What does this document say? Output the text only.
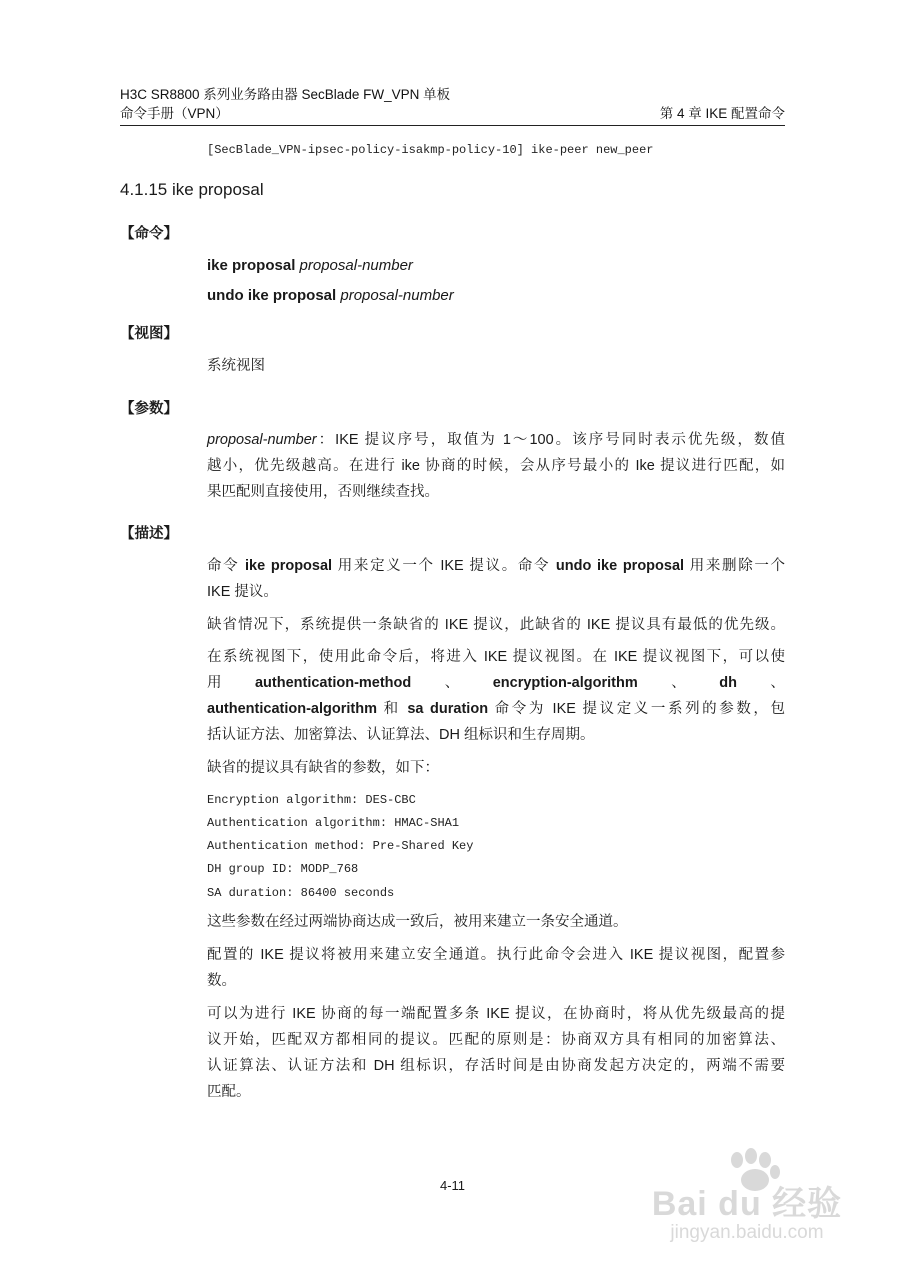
H3C SR8800 系列业务路由器 SecBlade FW_VPN 单板
命令手册（VPN）	第 4 章 IKE 配置命令
[SecBlade_VPN-ipsec-policy-isakmp-policy-10] ike-peer new_peer
4.1.15 ike proposal
【命令】
ike proposal proposal-number
undo ike proposal proposal-number
【视图】
系统视图
【参数】
proposal-number：IKE 提议序号，取值为 1～100。该序号同时表示优先级，数值
越小，优先级越高。在进行 ike 协商的时候，会从序号最小的 Ike 提议进行匹配，如
果匹配则直接使用，否则继续查找。
【描述】
命令 ike proposal 用来定义一个 IKE 提议。命令 undo ike proposal 用来删除一个
IKE 提议。
缺省情况下，系统提供一条缺省的 IKE 提议，此缺省的 IKE 提议具有最低的优先级。
在系统视图下，使用此命令后，将进入 IKE 提议视图。在 IKE 提议视图下，可以使
用 authentication-method 、 encryption-algorithm 、 dh 、
authentication-algorithm 和 sa duration 命令为 IKE 提议定义一系列的参数，包
括认证方法、加密算法、认证算法、DH 组标识和生存周期。
缺省的提议具有缺省的参数，如下：
Encryption algorithm: DES-CBC
Authentication algorithm: HMAC-SHA1
Authentication method: Pre-Shared Key
DH group ID: MODP_768
SA duration: 86400 seconds
这些参数在经过两端协商达成一致后，被用来建立一条安全通道。
配置的 IKE 提议将被用来建立安全通道。执行此命令会进入 IKE 提议视图，配置参
数。
可以为进行 IKE 协商的每一端配置多条 IKE 提议，在协商时，将从优先级最高的提
议开始，匹配双方都相同的提议。匹配的原则是：协商双方具有相同的加密算法、
认证算法、认证方法和 DH 组标识，存活时间是由协商发起方决定的，两端不需要
匹配。
4-11	Bai du 经验
jingyan.baidu.com
